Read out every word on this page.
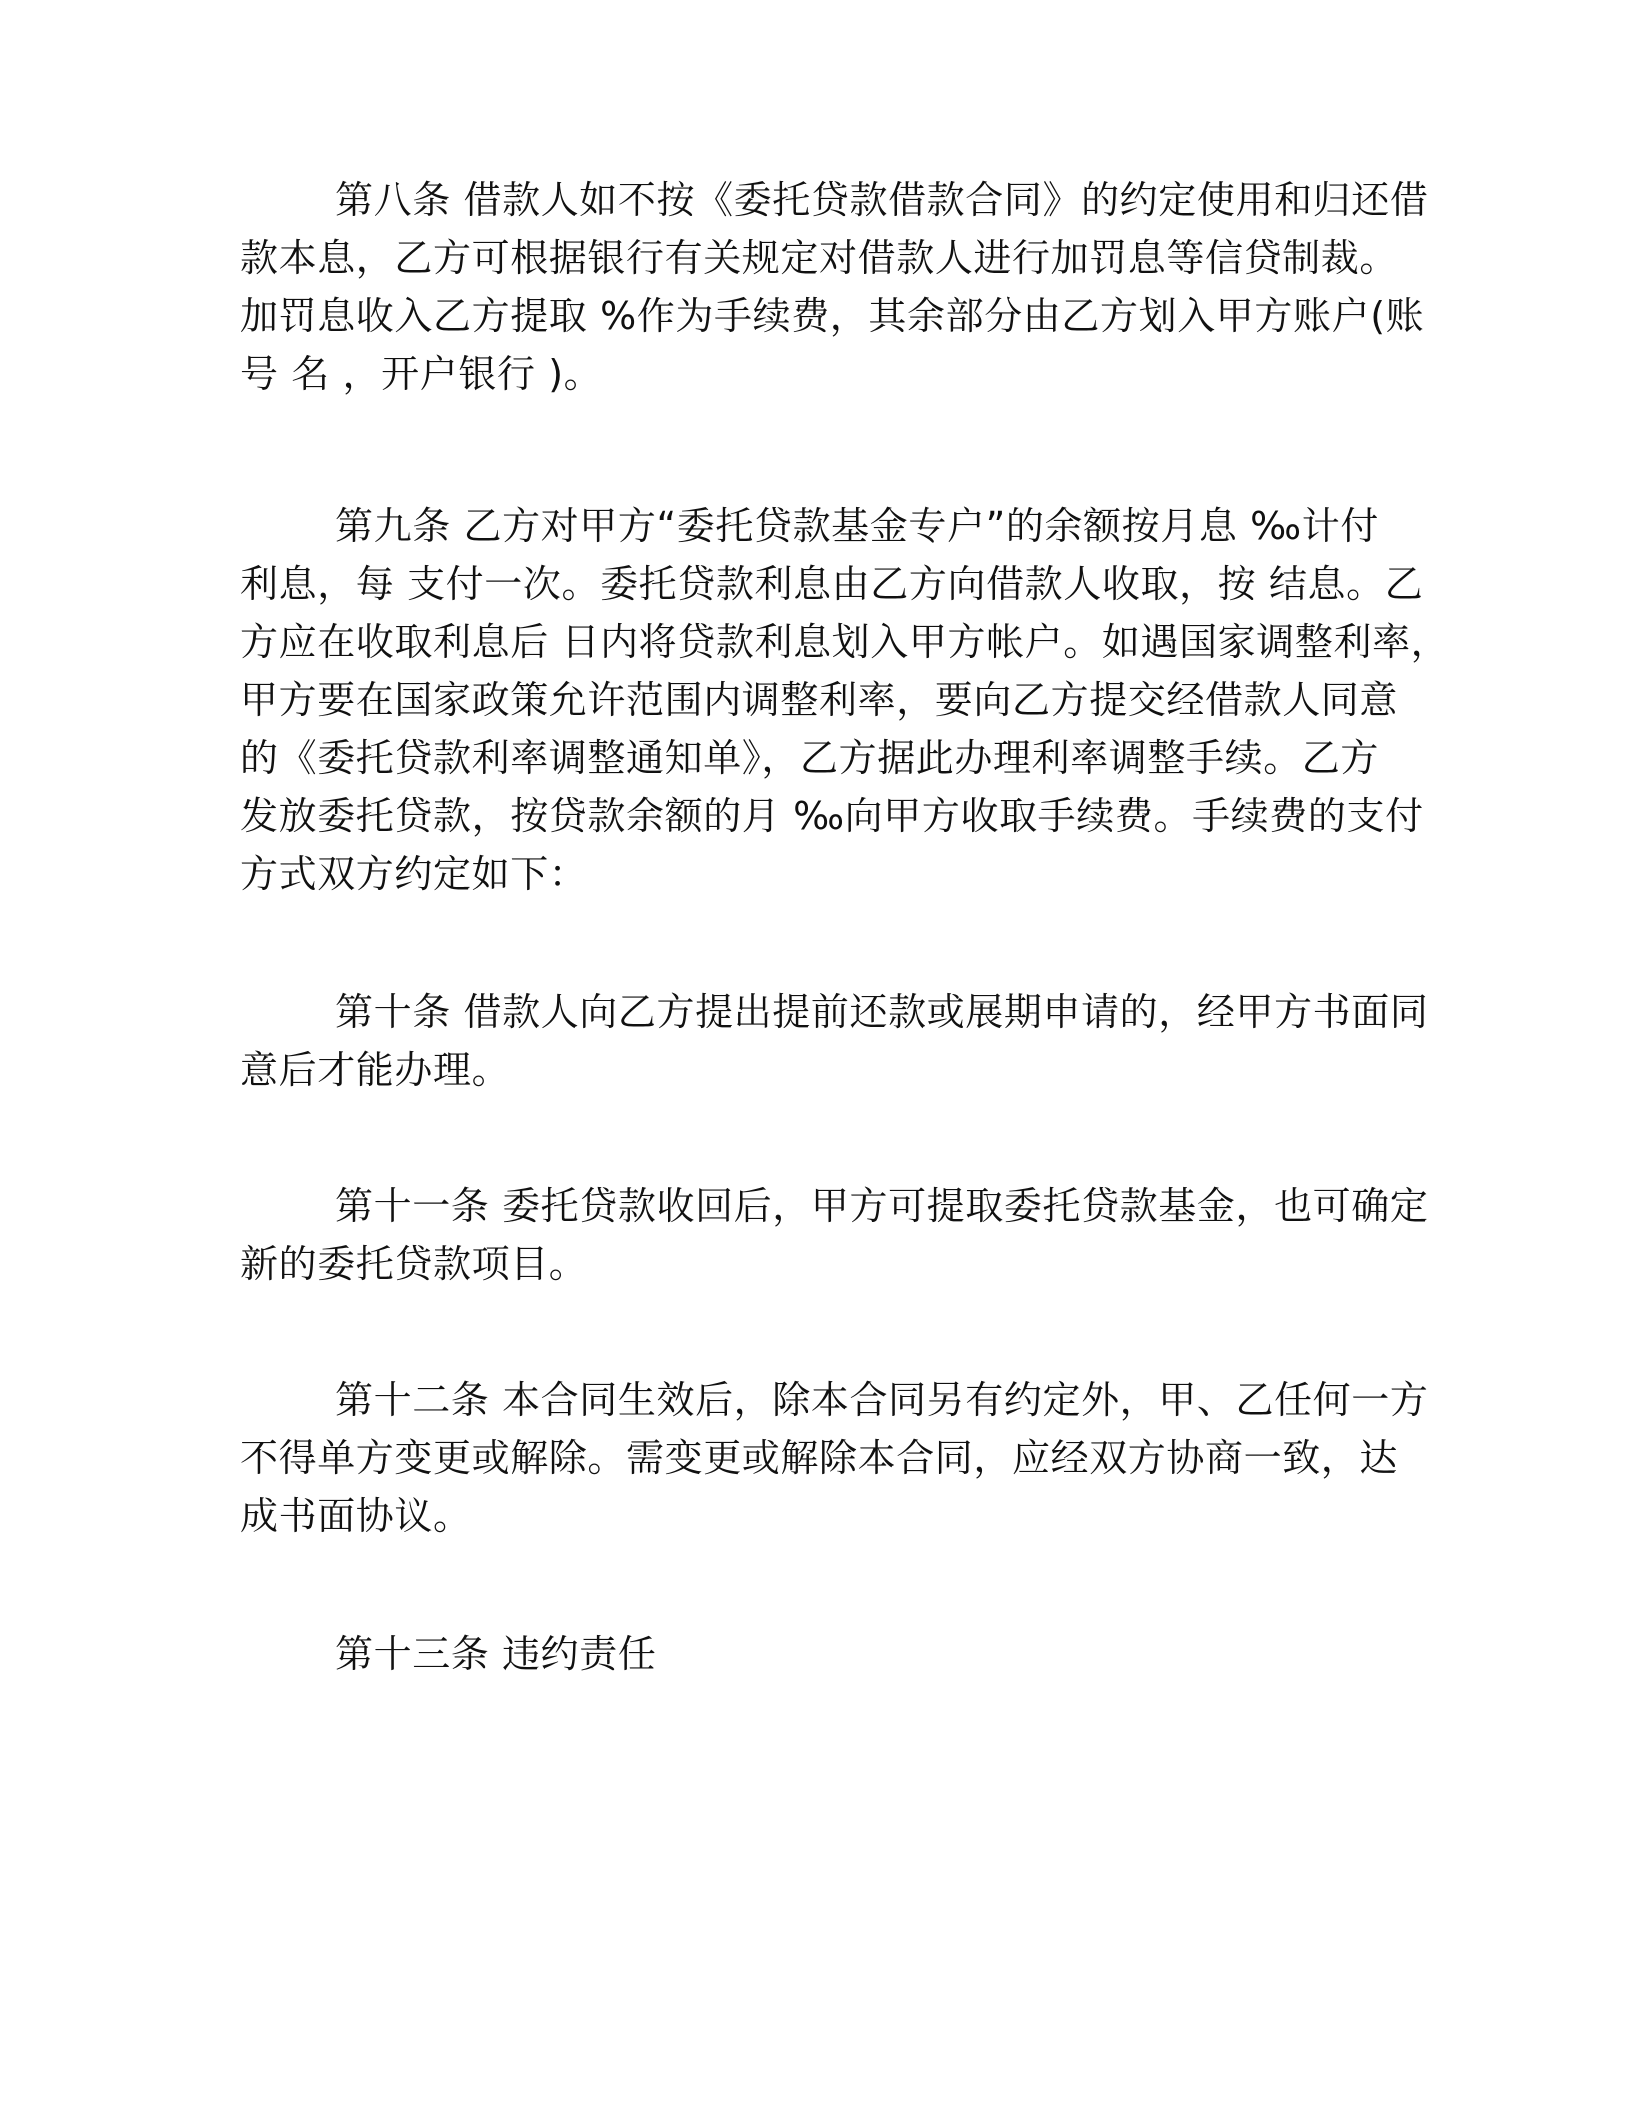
第八条 借款人如不按《委托贷款借款合同》的约定使用和归还借
款本息，乙方可根据银行有关规定对借款人进行加罚息等信贷制裁。
加罚息收入乙方提取 %作为手续费，其余部分由乙方划入甲方账户(账
号 名 ，开户银行 )。
第九条 乙方对甲方“委托贷款基金专户”的余额按月息 ‰计付
利息，每 支付一次。委托贷款利息由乙方向借款人收取，按 结息。乙
方应在收取利息后 日内将贷款利息划入甲方帐户。如遇国家调整利率，
甲方要在国家政策允许范围内调整利率，要向乙方提交经借款人同意
的《委托贷款利率调整通知单》，乙方据此办理利率调整手续。乙方
发放委托贷款，按贷款余额的月 ‰向甲方收取手续费。手续费的支付
方式双方约定如下：
第十条 借款人向乙方提出提前还款或展期申请的，经甲方书面同
意后才能办理。
第十一条 委托贷款收回后，甲方可提取委托贷款基金，也可确定
新的委托贷款项目。
第十二条 本合同生效后，除本合同另有约定外，甲、乙任何一方
不得单方变更或解除。需变更或解除本合同，应经双方协商一致，达
成书面协议。
第十三条 违约责任
